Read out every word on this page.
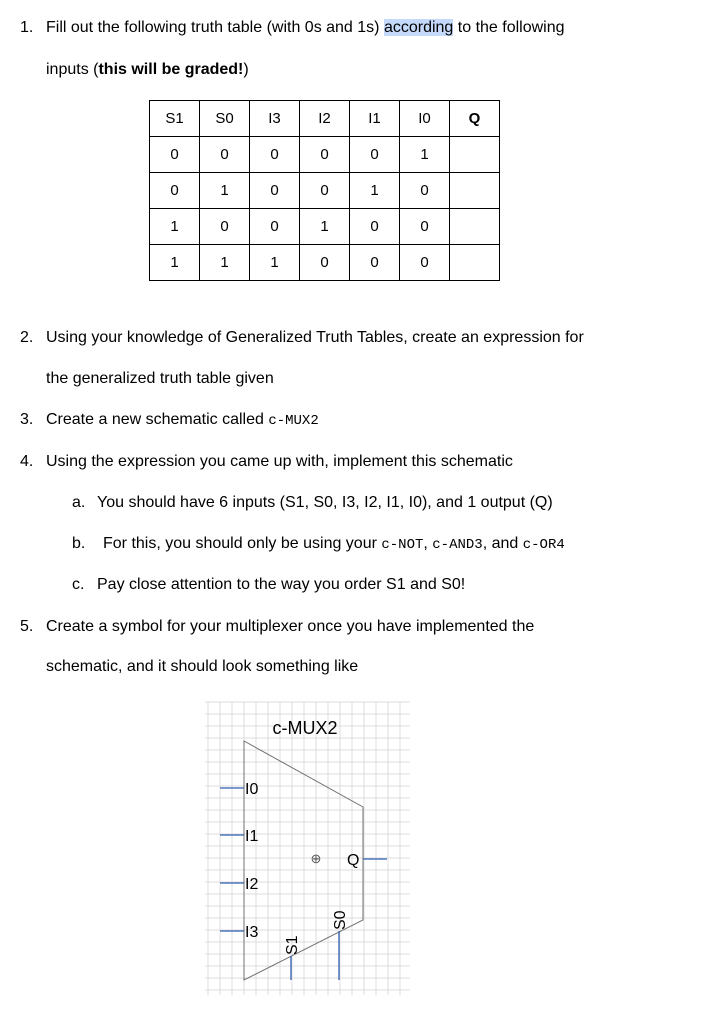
1. Fill out the following truth table (with 0s and 1s) according to the following
inputs (this will be graded!)
S1	S0	I3	I2	I1	I0	Q
0	0	0	0	0	1	
0	1	0	0	1	0	
1	0	0	1	0	0	
1	1	1	0	0	0	
2. Using your knowledge of Generalized Truth Tables, create an expression for
the generalized truth table given
3. Create a new schematic called c-MUX2
4. Using the expression you came up with, implement this schematic
a. You should have 6 inputs (S1, S0, I3, I2, I1, I0), and 1 output (Q)
b. For this, you should only be using your c-NOT, c-AND3, and c-OR4
c. Pay close attention to the way you order S1 and S0!
5. Create a symbol for your multiplexer once you have implemented the
schematic, and it should look something like
c-MUX2
I0
I1
I2
I3
S1
S0
Q
⊕
